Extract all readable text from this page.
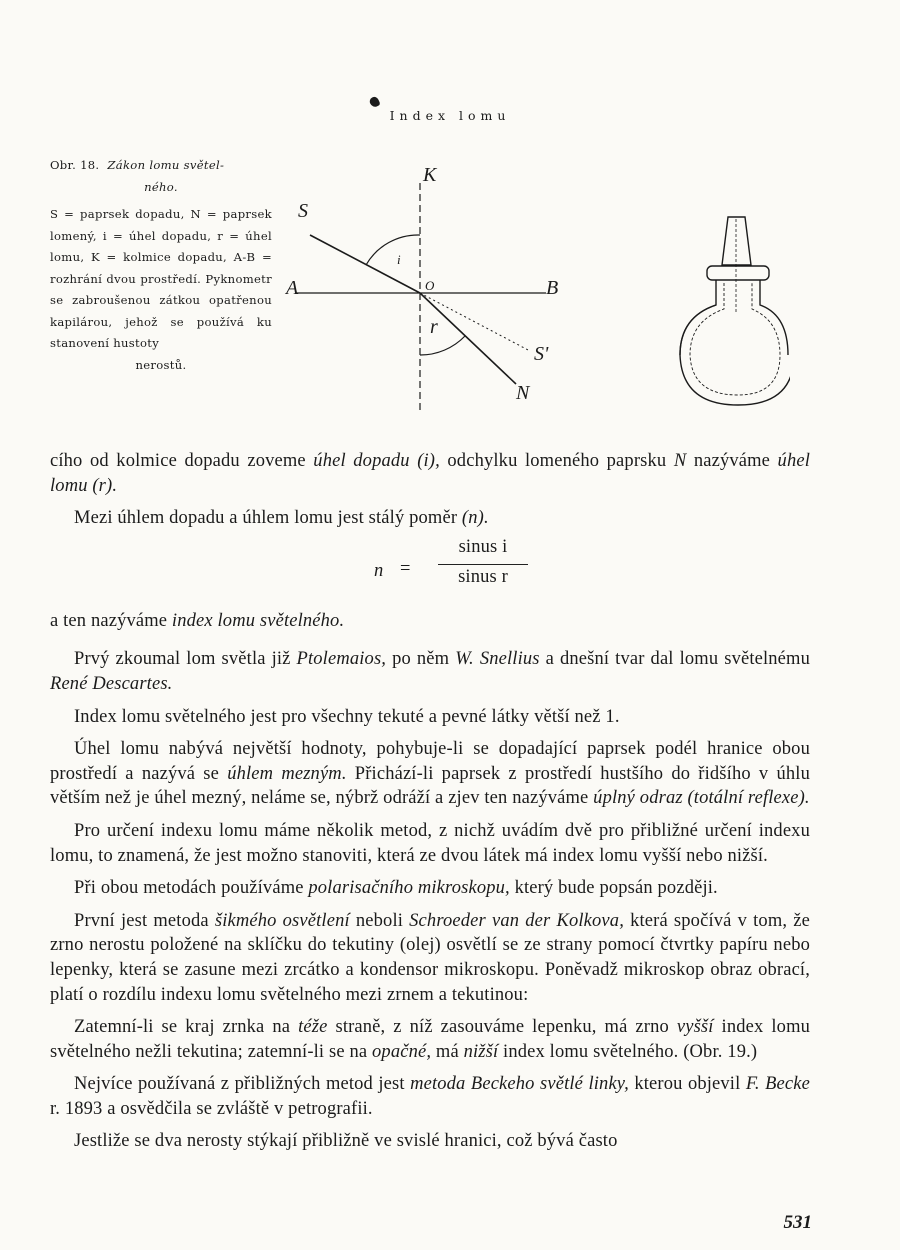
Index lomu
Obr. 18. Zákon lomu světel-
ného.
S = paprsek dopadu, N = paprsek lomený, i = úhel dopadu, r = úhel lomu, K = kolmice dopadu, A-B = rozhrání dvou prostředí. Pyknometr se zabroušenou zátkou opatřenou kapilárou, jehož se používá ku stanovení hustoty
nerostů.
S
K
A	B
O
i
r
S'
N

cího od kolmice dopadu zoveme úhel dopadu (i), odchylku lomeného paprsku N nazýváme úhel lomu (r).

Mezi úhlem dopadu a úhlem lomu jest stálý poměr (n).

n =
sinus i
sinus r

a ten nazýváme index lomu světelného.

Prvý zkoumal lom světla již Ptolemaios, po něm W. Snellius a dnešní tvar dal lomu světelnému René Descartes.

Index lomu světelného jest pro všechny tekuté a pevné látky větší než 1.

Úhel lomu nabývá největší hodnoty, pohybuje-li se dopadající paprsek podél hranice obou prostředí a nazývá se úhlem mezným. Přichází-li paprsek z prostředí hustšího do řidšího v úhlu větším než je úhel mezný, nelámе se, nýbrž odráží a zjev ten nazýváme úplný odraz (totální reflexe).

Pro určení indexu lomu máme několik metod, z nichž uvádím dvě pro přibližné určení indexu lomu, to znamená, že jest možno stanoviti, která ze dvou látek má index lomu vyšší nebo nižší.

Při obou metodách používáme polarisačního mikroskopu, který bude popsán později.

První jest metoda šikmého osvětlení neboli Schroeder van der Kolkova, která spočívá v tom, že zrno nerostu položené na sklíčku do tekutiny (olej) osvětlí se ze strany pomocí čtvrtky papíru nebo lepenky, která se zasune mezi zrcátko a kondensor mikroskopu. Poněvadž mikroskop obraz obrací, platí o rozdílu indexu lomu světelného mezi zrnem a tekutinou:

Zatemní-li se kraj zrnka na téže straně, z níž zasouváme lepenku, má zrno vyšší index lomu světelného nežli tekutina; zatemní-li se na opačné, má nižší index lomu světelného. (Obr. 19.)

Nejvíce používaná z přibližných metod jest metoda Beckeho světlé linky, kterou objevil F. Becke r. 1893 a osvědčila se zvláště v petrografii.

Jestliže se dva nerosty stýkají přibližně ve svislé hranici, což bývá často

531
